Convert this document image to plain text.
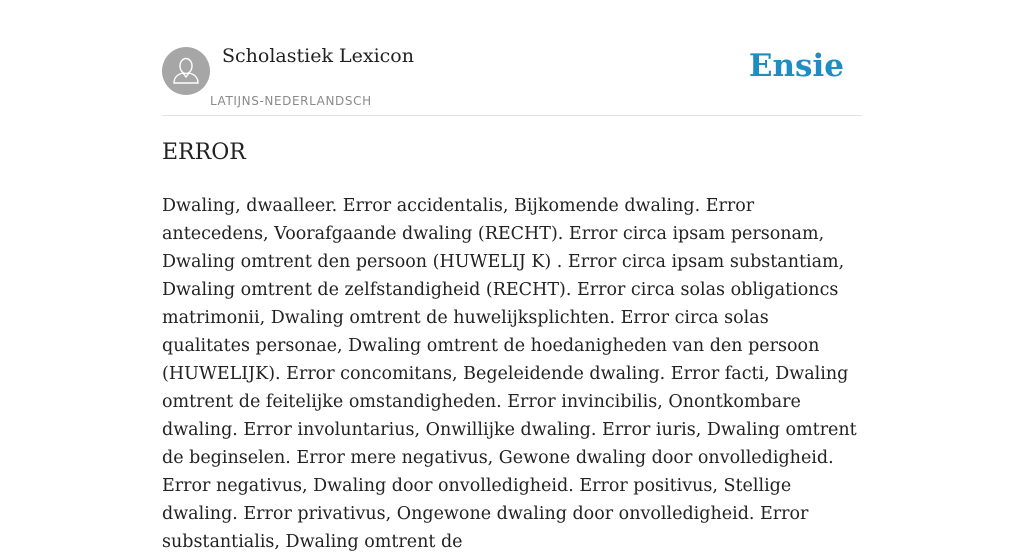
Scholastiek Lexicon
LATIJNS-NEDERLANDSCH
Ensie
ERROR

Dwaling, dwaalleer. Error accidentalis, Bijkomende dwaling. Error antecedens, Voorafgaande dwaling (RECHT). Error circa ipsam personam, Dwaling omtrent den persoon (HUWELIJ K) . Error circa ipsam substantiam, Dwaling omtrent de zelfstandigheid (RECHT). Error circa solas obligationcs matrimonii, Dwaling omtrent de huwelijksplichten. Error circa solas qualitates personae, Dwaling omtrent de hoedanigheden van den persoon (HUWELIJK). Error concomitans, Begeleidende dwaling. Error facti, Dwaling omtrent de feitelijke omstandigheden. Error invincibilis, Onontkombare dwaling. Error involuntarius, Onwillijke dwaling. Error iuris, Dwaling omtrent de beginselen. Error mere negativus, Gewone dwaling door onvolledigheid. Error negativus, Dwaling door onvolledigheid. Error positivus, Stellige dwaling. Error privativus, Ongewone dwaling door onvolledigheid. Error substantialis, Dwaling omtrent de
